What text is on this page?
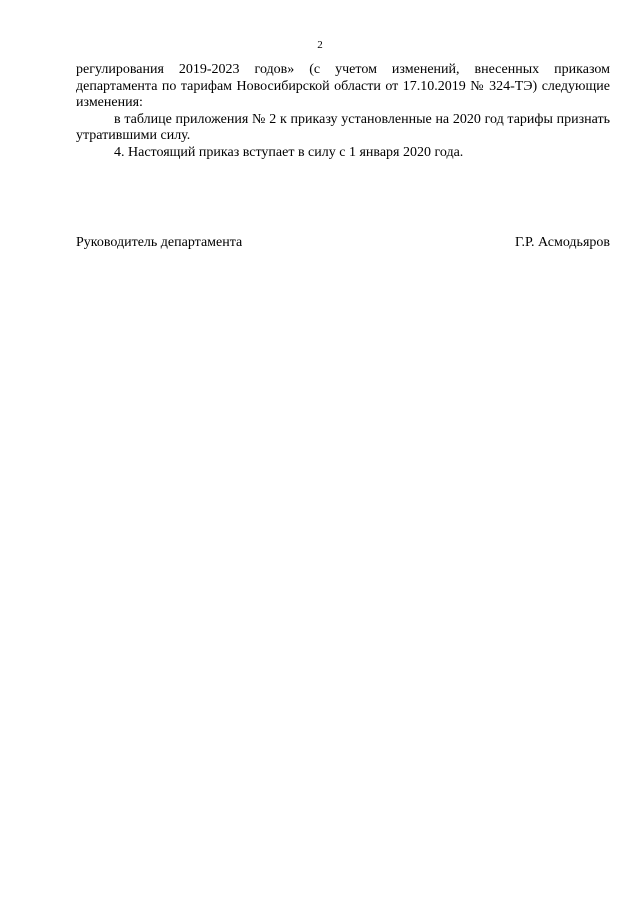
2

регулирования 2019-2023 годов» (с учетом изменений, внесенных приказом департамента по тарифам Новосибирской области от 17.10.2019 № 324-ТЭ) следующие изменения:

в таблице приложения № 2 к приказу установленные на 2020 год тарифы признать утратившими силу.

4. Настоящий приказ вступает в силу с 1 января 2020 года.

Руководитель департамента	Г.Р. Асмодьяров
